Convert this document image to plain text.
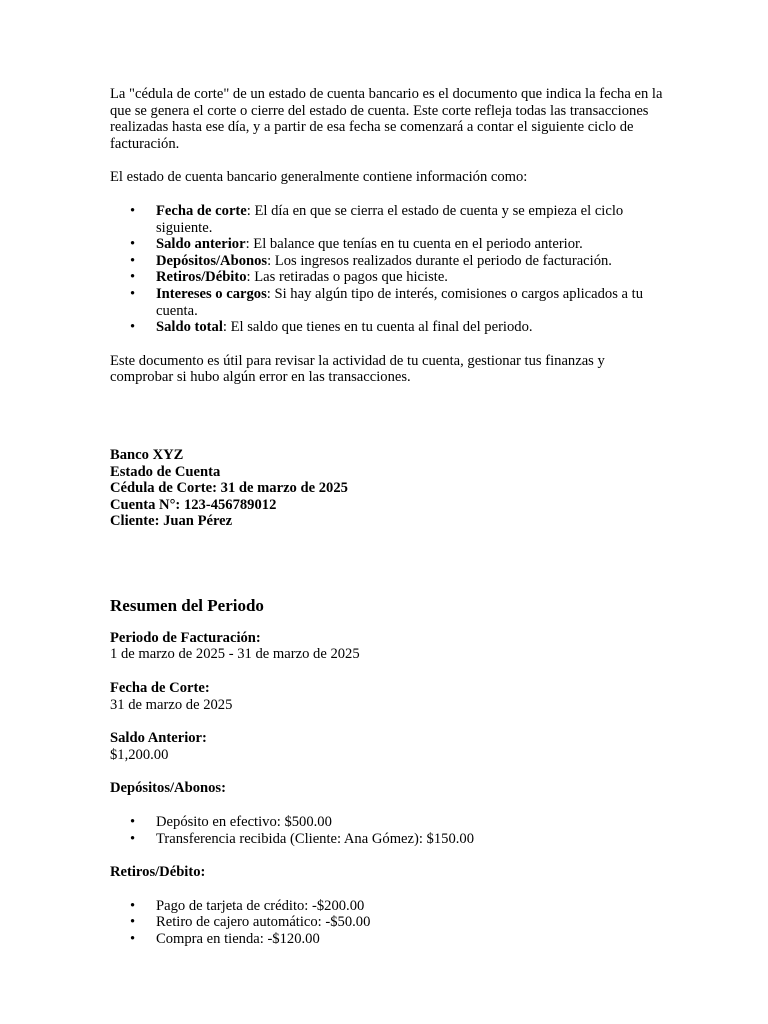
La "cédula de corte" de un estado de cuenta bancario es el documento que indica la fecha en la que se genera el corte o cierre del estado de cuenta. Este corte refleja todas las transacciones realizadas hasta ese día, y a partir de esa fecha se comenzará a contar el siguiente ciclo de facturación.

El estado de cuenta bancario generalmente contiene información como:

• Fecha de corte: El día en que se cierra el estado de cuenta y se empieza el ciclo siguiente.
• Saldo anterior: El balance que tenías en tu cuenta en el periodo anterior.
• Depósitos/Abonos: Los ingresos realizados durante el periodo de facturación.
• Retiros/Débito: Las retiradas o pagos que hiciste.
• Intereses o cargos: Si hay algún tipo de interés, comisiones o cargos aplicados a tu cuenta.
• Saldo total: El saldo que tienes en tu cuenta al final del periodo.

Este documento es útil para revisar la actividad de tu cuenta, gestionar tus finanzas y comprobar si hubo algún error en las transacciones.

Banco XYZ

Estado de Cuenta

Cédula de Corte: 31 de marzo de 2025

Cuenta N°: 123-456789012

Cliente: Juan Pérez

Resumen del Periodo

Periodo de Facturación:

1 de marzo de 2025 - 31 de marzo de 2025

Fecha de Corte:

31 de marzo de 2025

Saldo Anterior:

$1,200.00

Depósitos/Abonos:

• Depósito en efectivo: $500.00
• Transferencia recibida (Cliente: Ana Gómez): $150.00

Retiros/Débito:

• Pago de tarjeta de crédito: -$200.00
• Retiro de cajero automático: -$50.00
• Compra en tienda: -$120.00
